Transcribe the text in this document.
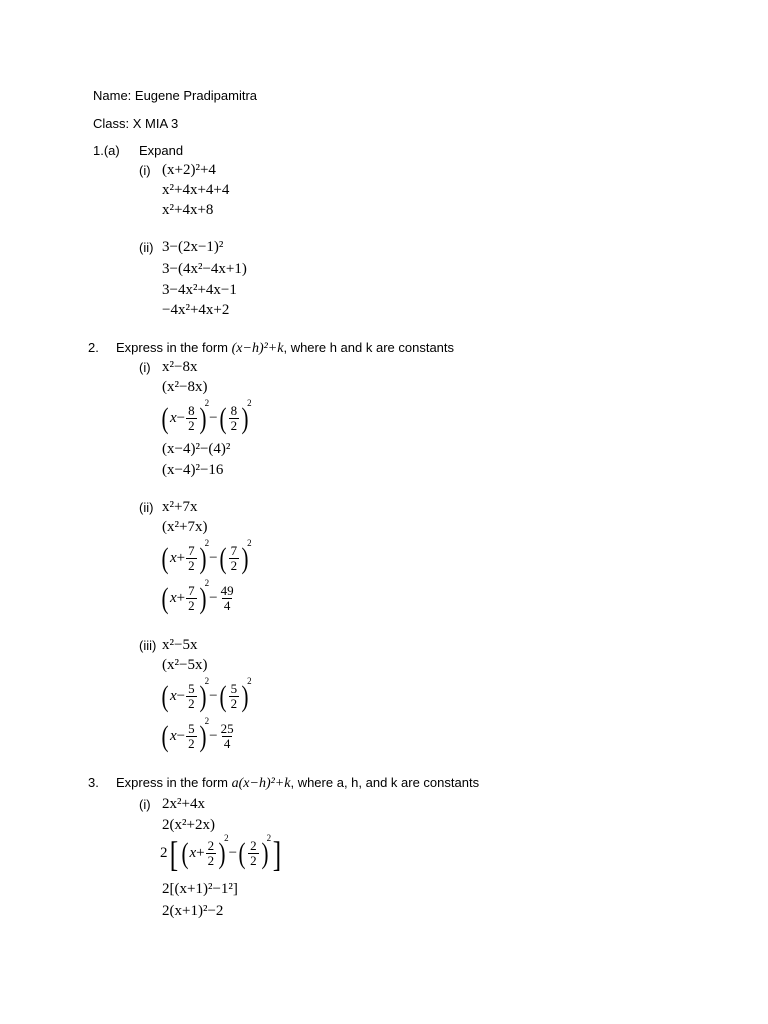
Name: Eugene Pradipamitra
Class: X MIA 3
1.(a) Expand
(i) (x+2)²+4
x²+4x+4+4
x²+4x+8
(ii) 3−(2x−1)²
3−(4x²−4x+1)
3−4x²+4x−1
−4x²+4x+2
2. Express in the form (x−h)²+k, where h and k are constants
(i) x²−8x
(x²−8x)
( $x- \frac{8}{2} )2-( \frac{8}{2} )2$
(x−4)²−(4)²
(x−4)²−16
(ii) x²+7x
(x²+7x)
( $x+ \frac{7}{2} )2-( \frac{7}{2} )2$
( $x+ \frac{7}{2} )2- \frac{49}{4}$
(iii) x²−5x
(x²−5x)
( $x- \frac{5}{2} )2-( \frac{5}{2} )2$
( $x- \frac{5}{2} )2- \frac{25}{4}$
3. Express in the form a(x−h)²+k, where a, h, and k are constants
(i) 2x²+4x
2(x²+2x)
2[ ( $x+ \frac{2}{2} )2-( \frac{2}{2} )2$]
2[(x+1)²−1²]
2(x+1)²−2
